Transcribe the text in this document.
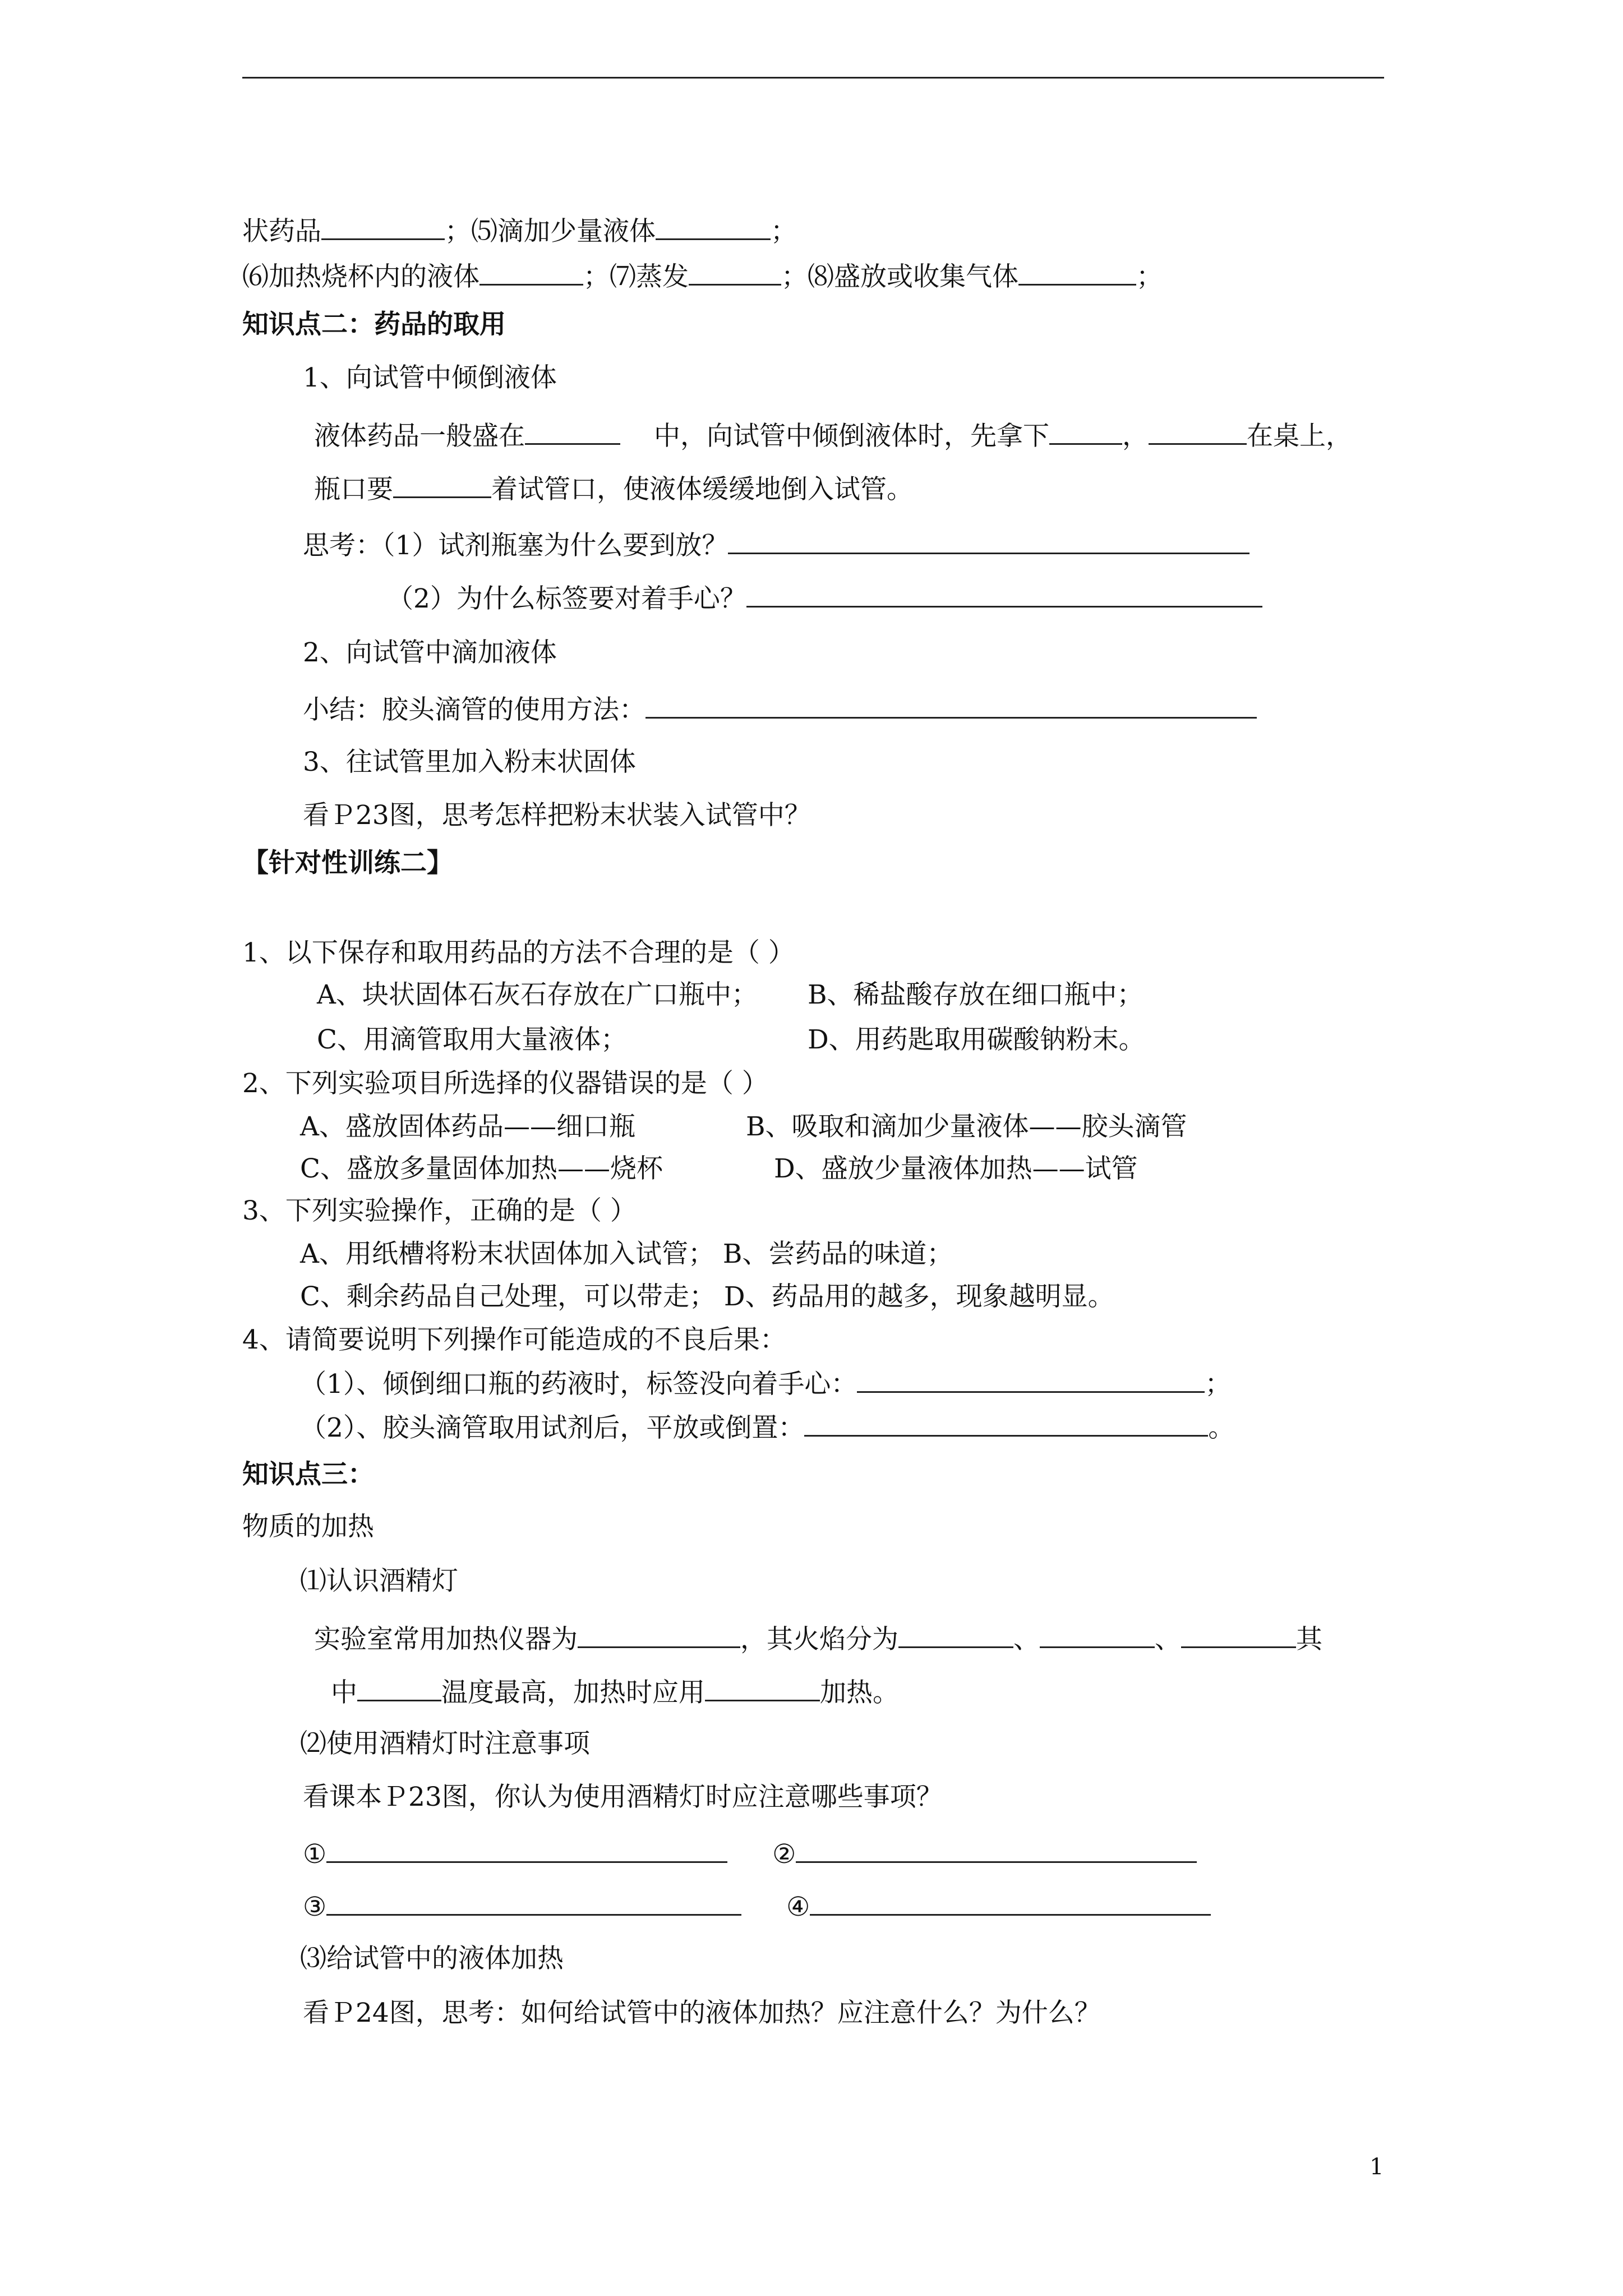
状药品	；⑸滴加少量液体	；
⑹加热烧杯内的液体	；⑺蒸发	；⑻盛放或收集气体	；
知识点二：药品的取用
1、向试管中倾倒液体
液体药品一般盛在	中，向试管中倾倒液体时，先拿下	，	在桌上，
瓶口要	着试管口，使液体缓缓地倒入试管。
思考：（1）试剂瓶塞为什么要到放？
（2）为什么标签要对着手心？
2、向试管中滴加液体
小结：胶头滴管的使用方法：
3、往试管里加入粉末状固体
看Ｐ23图，思考怎样把粉末状装入试管中？
【针对性训练二】
1、以下保存和取用药品的方法不合理的是（ ）
A、块状固体石灰石存放在广口瓶中； B、稀盐酸存放在细口瓶中；
C、用滴管取用大量液体；	D、用药匙取用碳酸钠粉末。
2、下列实验项目所选择的仪器错误的是（ ）
A、盛放固体药品——细口瓶	B、吸取和滴加少量液体——胶头滴管
C、盛放多量固体加热——烧杯	D、盛放少量液体加热——试管
3、下列实验操作，正确的是（ ）
A、用纸槽将粉末状固体加入试管； B、尝药品的味道；
C、剩余药品自己处理，可以带走； D、药品用的越多，现象越明显。
4、请简要说明下列操作可能造成的不良后果：
（1）、倾倒细口瓶的药液时，标签没向着手心：	；
（2）、胶头滴管取用试剂后，平放或倒置：	。
知识点三：
物质的加热
⑴认识酒精灯
实验室常用加热仪器为	，其火焰分为	、	、	其
中	温度最高，加热时应用	加热。
⑵使用酒精灯时注意事项
看课本Ｐ23图，你认为使用酒精灯时应注意哪些事项？
①	②
③	④
⑶给试管中的液体加热
看Ｐ24图，思考：如何给试管中的液体加热？应注意什么？为什么？
1
